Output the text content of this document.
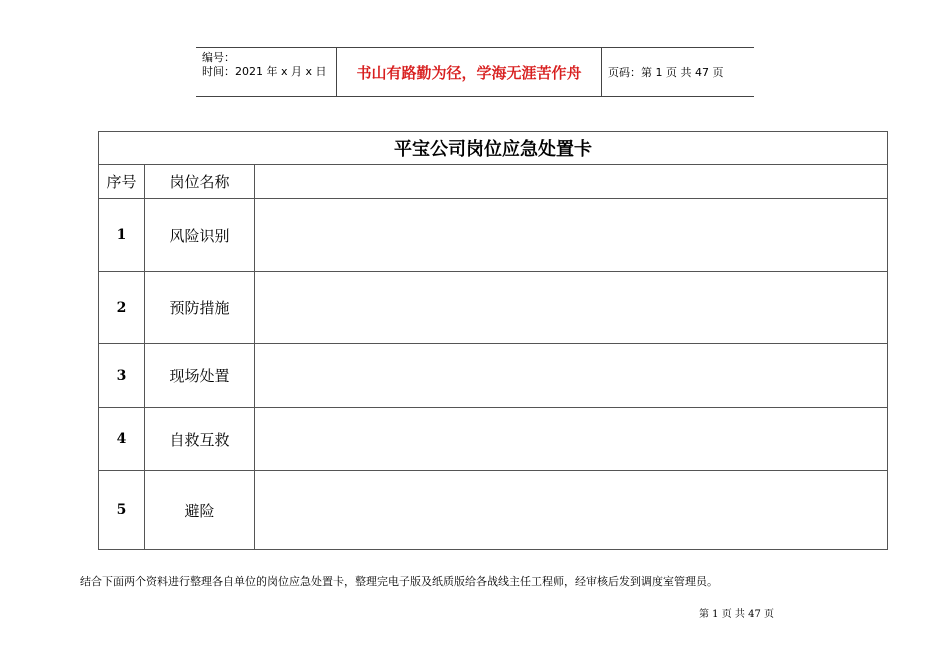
编号：
时间：2021 年 x 月 x 日	书山有路勤为径，学海无涯苦作舟	页码：第 1 页 共 47 页
平宝公司岗位应急处置卡		
序号	岗位名称	
1	风险识别	
2	预防措施	
3	现场处置	
4	自救互救	
5	避险	
结合下面两个资料进行整理各自单位的岗位应急处置卡，整理完电子版及纸质版给各战线主任工程师，经审核后发到调度室管理员。
第 1 页 共 47 页
